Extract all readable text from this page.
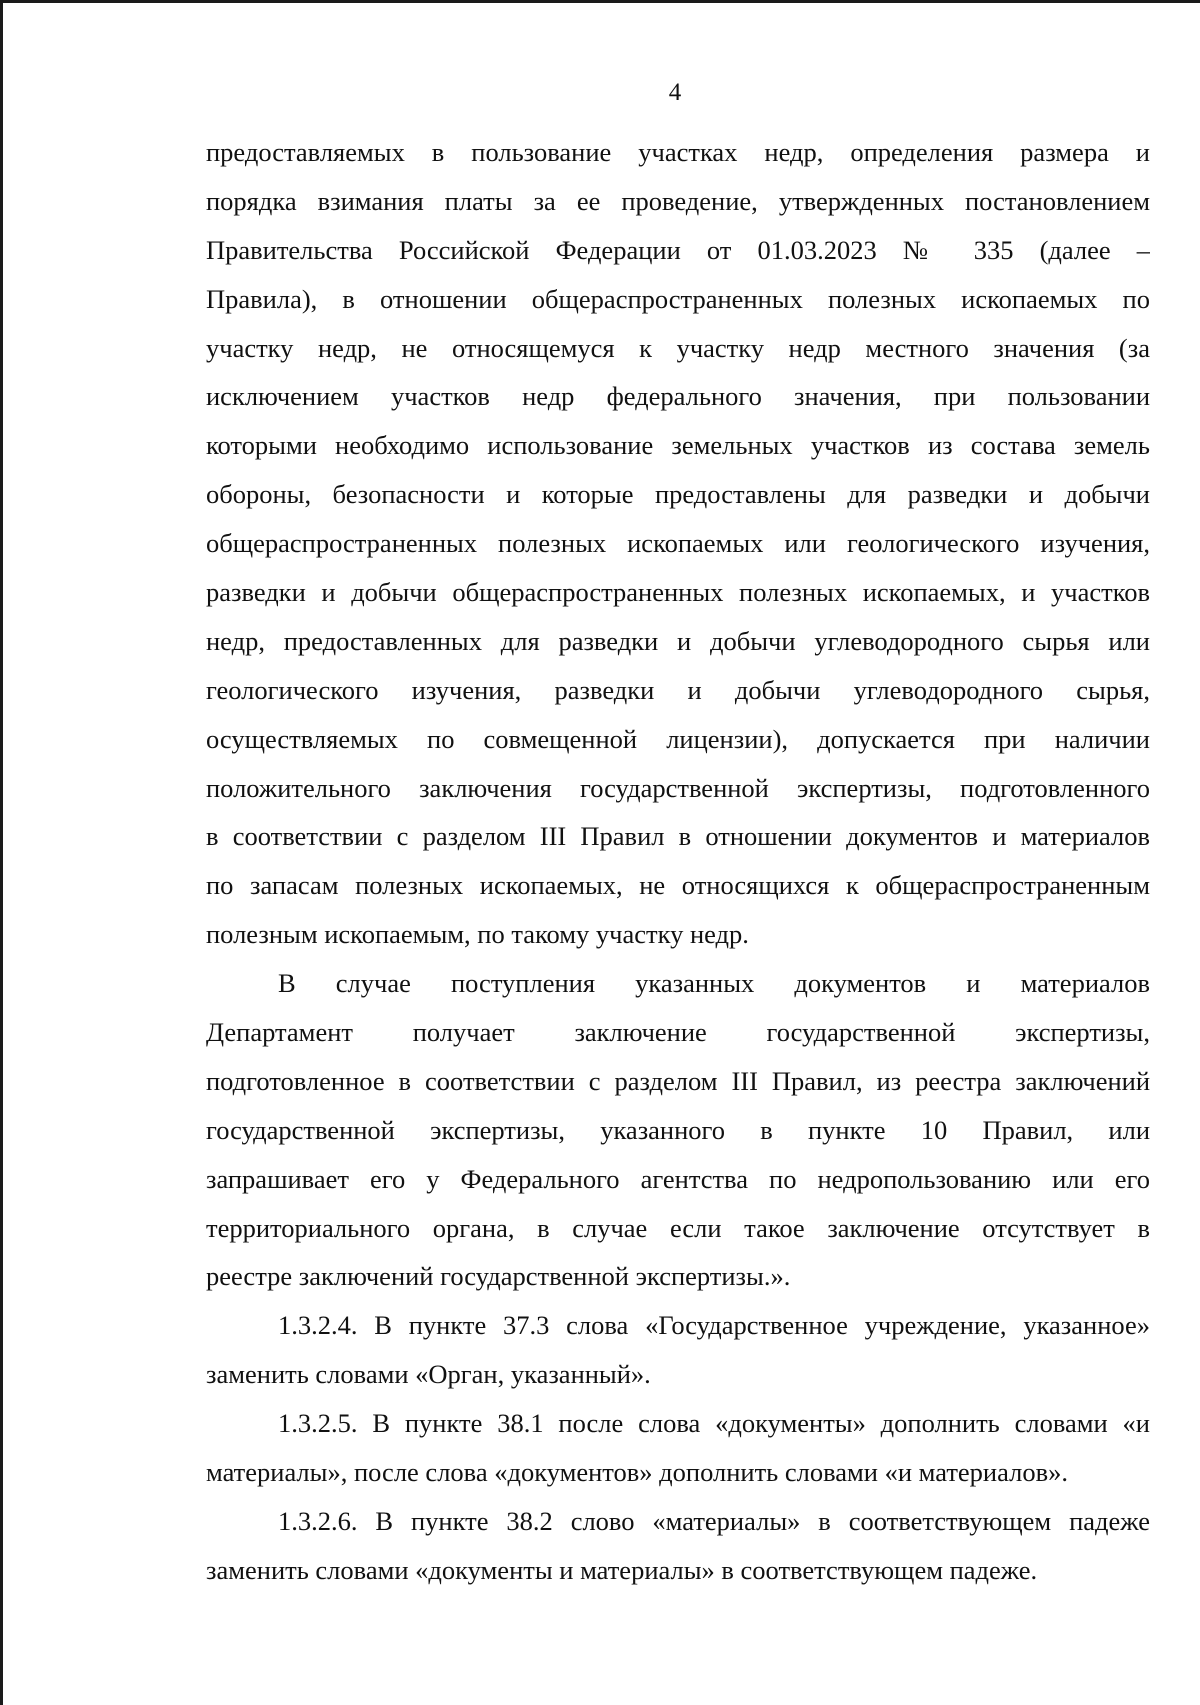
4
предоставляемых в пользование участках недр, определения размера и
порядка взимания платы за ее проведение, утвержденных постановлением
Правительства Российской Федерации от 01.03.2023 № 335 (далее –
Правила), в отношении общераспространенных полезных ископаемых по
участку недр, не относящемуся к участку недр местного значения (за
исключением участков недр федерального значения, при пользовании
которыми необходимо использование земельных участков из состава земель
обороны, безопасности и которые предоставлены для разведки и добычи
общераспространенных полезных ископаемых или геологического изучения,
разведки и добычи общераспространенных полезных ископаемых, и участков
недр, предоставленных для разведки и добычи углеводородного сырья или
геологического изучения, разведки и добычи углеводородного сырья,
осуществляемых по совмещенной лицензии), допускается при наличии
положительного заключения государственной экспертизы, подготовленного
в соответствии с разделом III Правил в отношении документов и материалов
по запасам полезных ископаемых, не относящихся к общераспространенным
полезным ископаемым, по такому участку недр.
В случае поступления указанных документов и материалов
Департамент получает заключение государственной экспертизы,
подготовленное в соответствии с разделом III Правил, из реестра заключений
государственной экспертизы, указанного в пункте 10 Правил, или
запрашивает его у Федерального агентства по недропользованию или его
территориального органа, в случае если такое заключение отсутствует в
реестре заключений государственной экспертизы.».
1.3.2.4. В пункте 37.3 слова «Государственное учреждение, указанное»
заменить словами «Орган, указанный».
1.3.2.5. В пункте 38.1 после слова «документы» дополнить словами «и
материалы», после слова «документов» дополнить словами «и материалов».
1.3.2.6. В пункте 38.2 слово «материалы» в соответствующем падеже
заменить словами «документы и материалы» в соответствующем падеже.
